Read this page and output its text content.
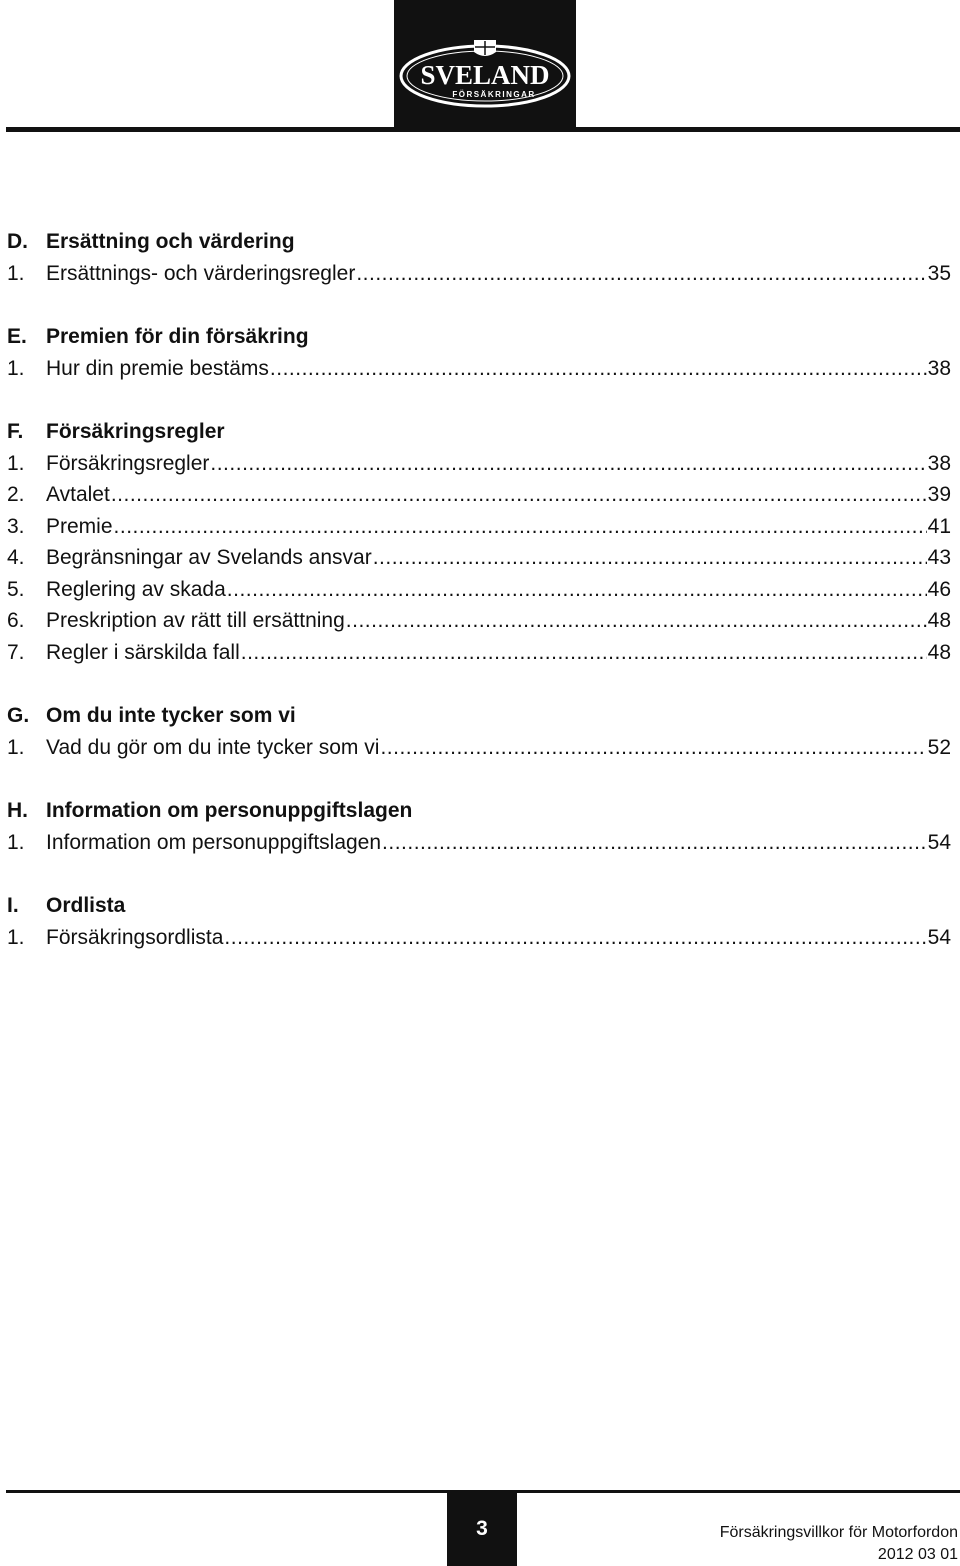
SVELAND
FÖRSÄKRINGAR
D. Ersättning och värdering
1.	Ersättnings- och värderingsregler .....	35
E. Premien för din försäkring
1.	Hur din premie bestäms .....	38
F.	Försäkringsregler
1.	Försäkringsregler .....	38
2.	Avtalet .....	39
3.	Premie .....	41
4.	Begränsningar av Svelands ansvar .....	43
5.	Reglering av skada .....	46
6.	Preskription av rätt till ersättning .....	48
7.	Regler i särskilda fall .....	48
G. Om du inte tycker som vi
1.	Vad du gör om du inte tycker som vi .....	52
H. Information om personuppgiftslagen
1.	Information om personuppgiftslagen .....	54
I.	Ordlista
1.	Försäkringsordlista .....	54
3	Försäkringsvillkor för Motorfordon
2012 03 01
